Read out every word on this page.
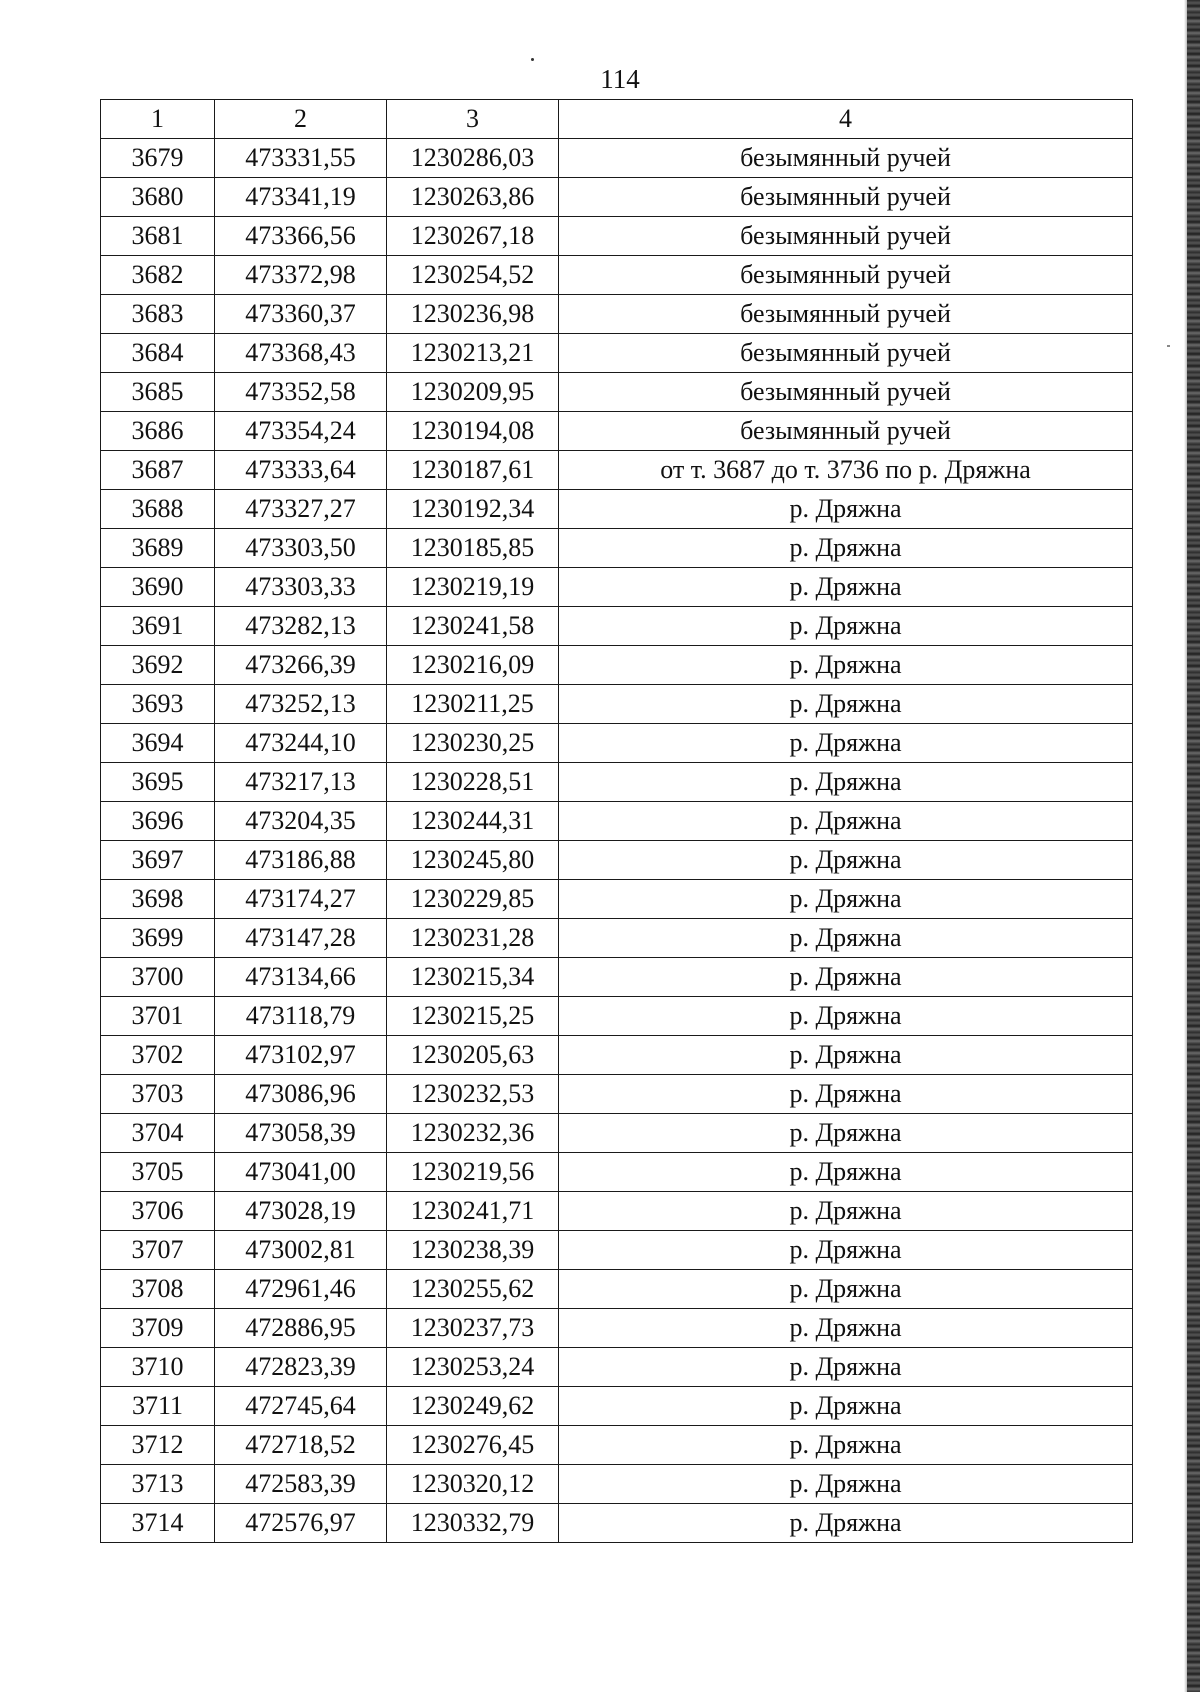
114
1	2	3	4
3679	473331,55	1230286,03	безымянный ручей
3680	473341,19	1230263,86	безымянный ручей
3681	473366,56	1230267,18	безымянный ручей
3682	473372,98	1230254,52	безымянный ручей
3683	473360,37	1230236,98	безымянный ручей
3684	473368,43	1230213,21	безымянный ручей
3685	473352,58	1230209,95	безымянный ручей
3686	473354,24	1230194,08	безымянный ручей
3687	473333,64	1230187,61	от т. 3687 до т. 3736 по р. Дряжна
3688	473327,27	1230192,34	р. Дряжна
3689	473303,50	1230185,85	р. Дряжна
3690	473303,33	1230219,19	р. Дряжна
3691	473282,13	1230241,58	р. Дряжна
3692	473266,39	1230216,09	р. Дряжна
3693	473252,13	1230211,25	р. Дряжна
3694	473244,10	1230230,25	р. Дряжна
3695	473217,13	1230228,51	р. Дряжна
3696	473204,35	1230244,31	р. Дряжна
3697	473186,88	1230245,80	р. Дряжна
3698	473174,27	1230229,85	р. Дряжна
3699	473147,28	1230231,28	р. Дряжна
3700	473134,66	1230215,34	р. Дряжна
3701	473118,79	1230215,25	р. Дряжна
3702	473102,97	1230205,63	р. Дряжна
3703	473086,96	1230232,53	р. Дряжна
3704	473058,39	1230232,36	р. Дряжна
3705	473041,00	1230219,56	р. Дряжна
3706	473028,19	1230241,71	р. Дряжна
3707	473002,81	1230238,39	р. Дряжна
3708	472961,46	1230255,62	р. Дряжна
3709	472886,95	1230237,73	р. Дряжна
3710	472823,39	1230253,24	р. Дряжна
3711	472745,64	1230249,62	р. Дряжна
3712	472718,52	1230276,45	р. Дряжна
3713	472583,39	1230320,12	р. Дряжна
3714	472576,97	1230332,79	р. Дряжна
